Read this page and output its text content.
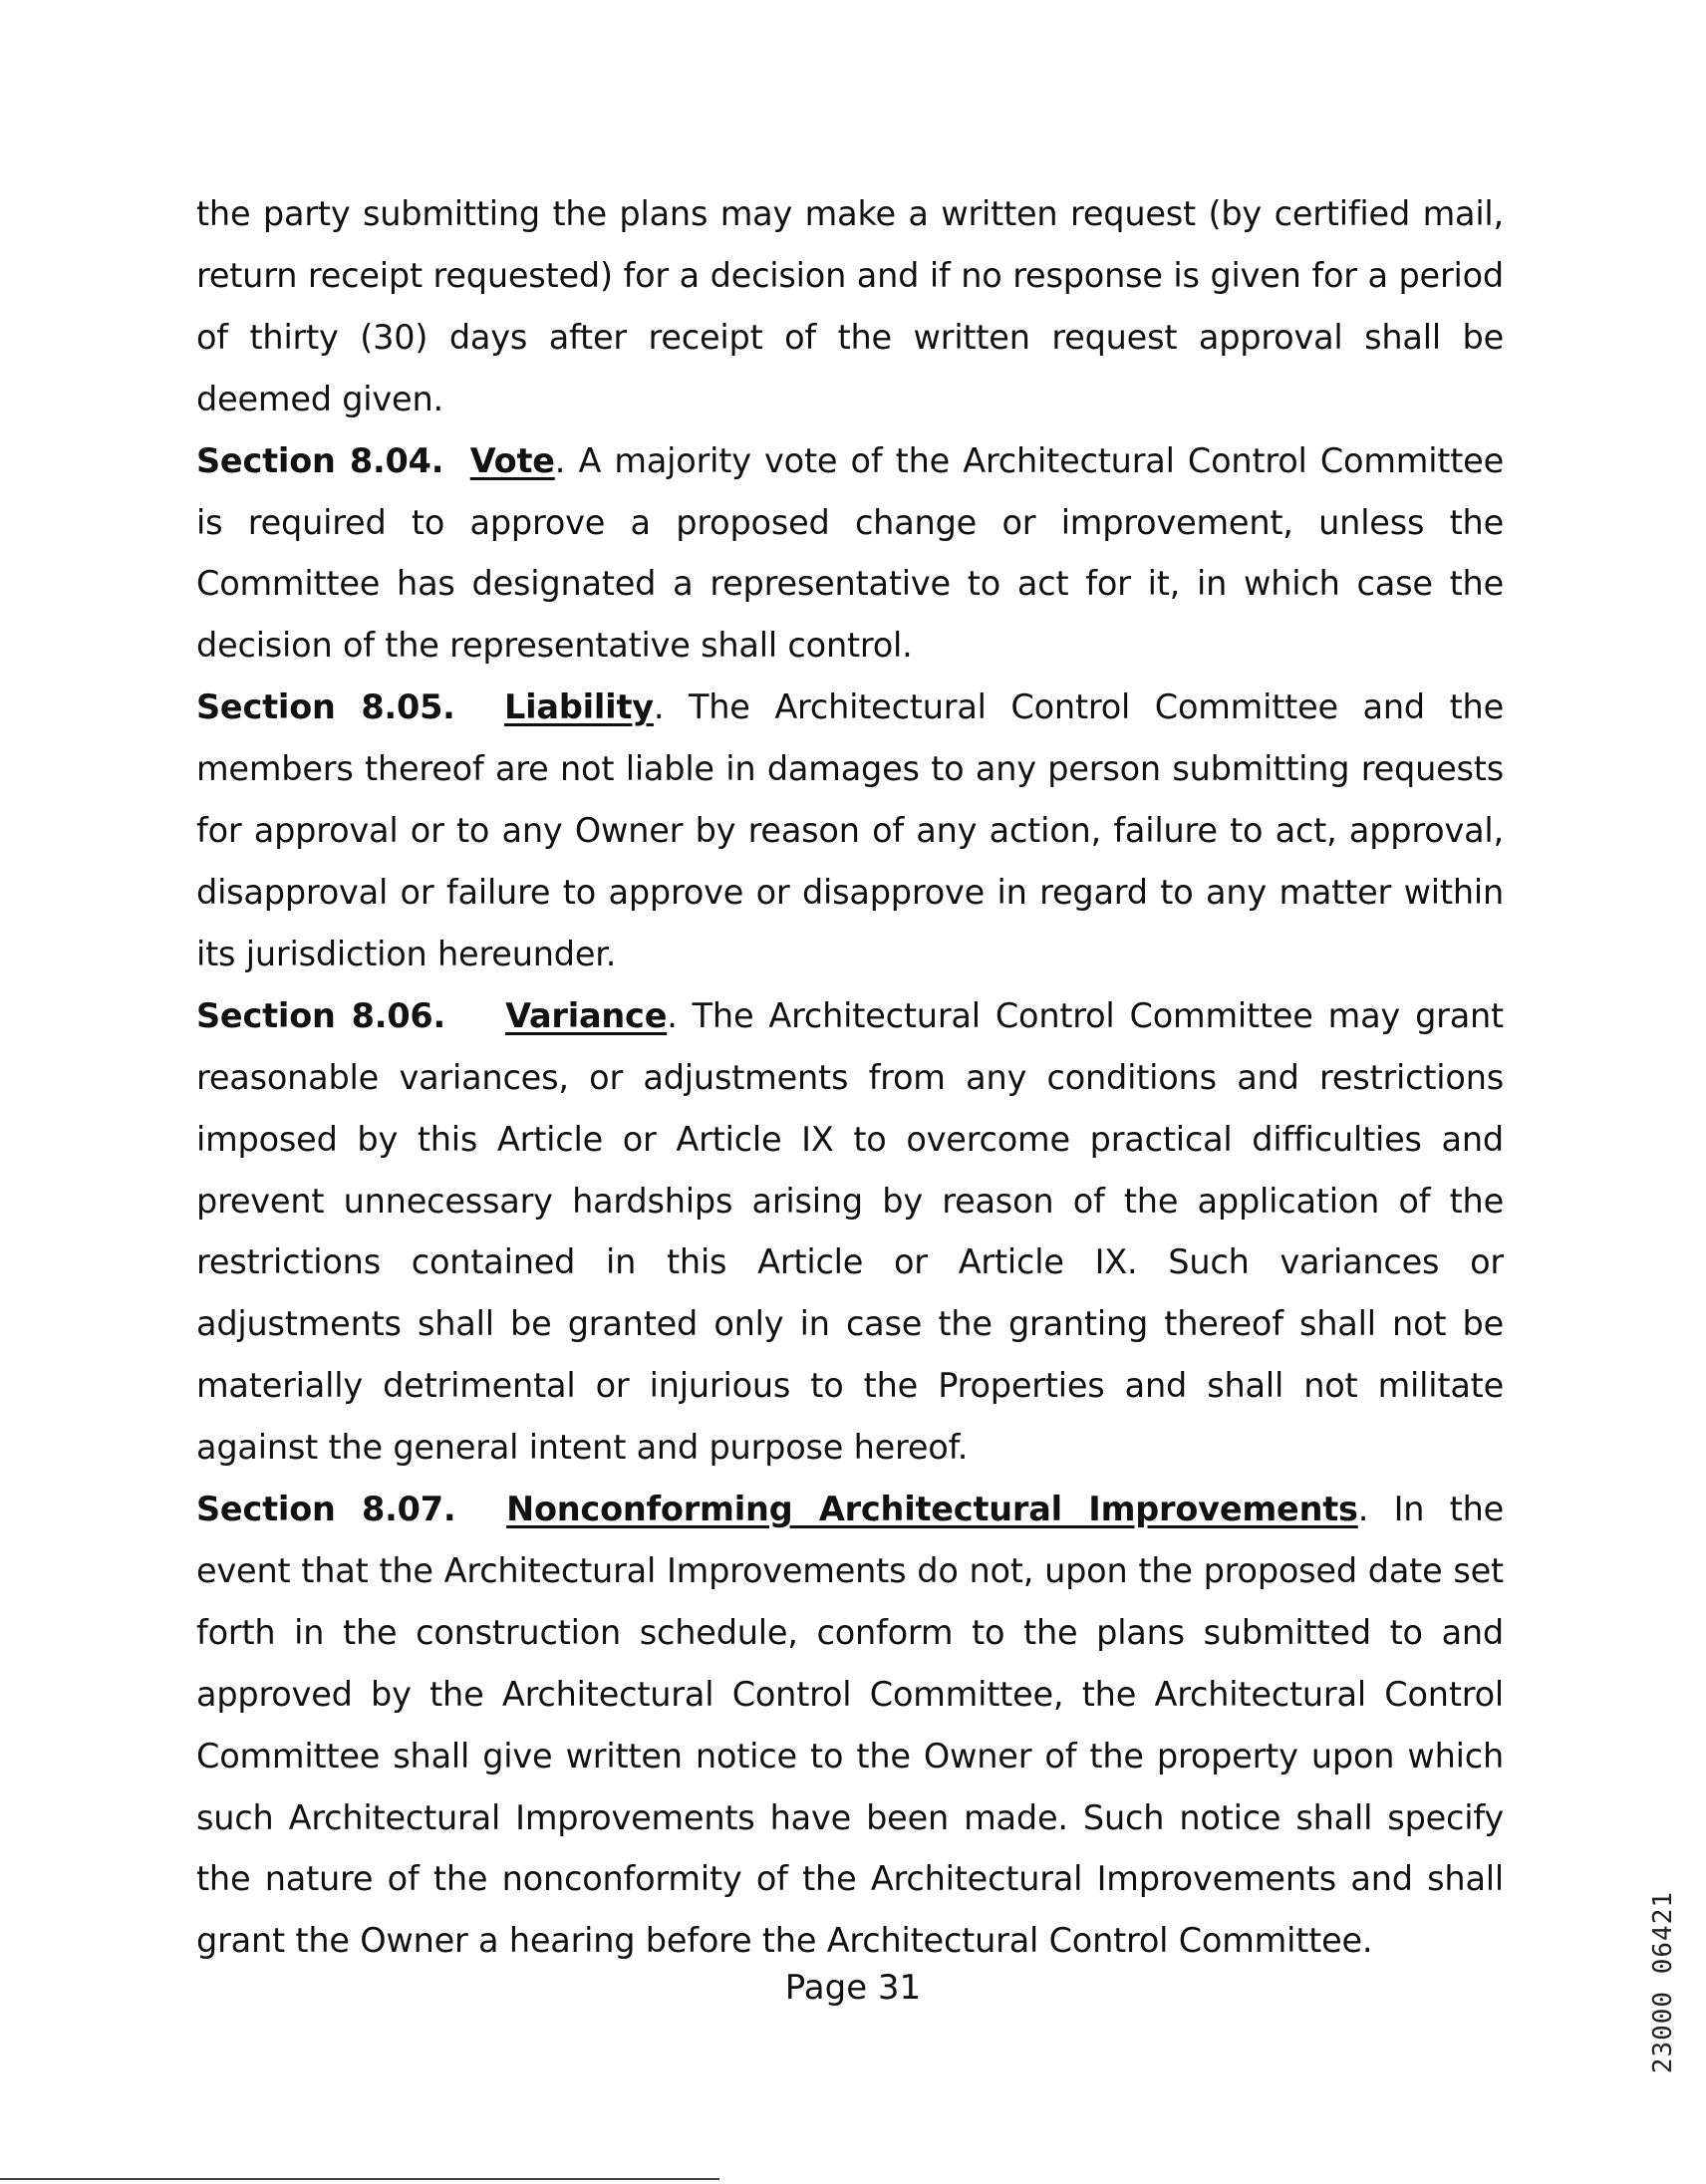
the party submitting the plans may make a written request (by certified mail, return receipt requested) for a decision and if no response is given for a period of thirty (30) days after receipt of the written request approval shall be deemed given.

Section 8.04. Vote. A majority vote of the Architectural Control Committee is required to approve a proposed change or improvement, unless the Committee has designated a representative to act for it, in which case the decision of the representative shall control.

Section 8.05. Liability. The Architectural Control Committee and the members thereof are not liable in damages to any person submitting requests for approval or to any Owner by reason of any action, failure to act, approval, disapproval or failure to approve or disapprove in regard to any matter within its jurisdiction hereunder.

Section 8.06. Variance. The Architectural Control Committee may grant reasonable variances, or adjustments from any conditions and restrictions imposed by this Article or Article IX to overcome practical difficulties and prevent unnecessary hardships arising by reason of the application of the restrictions contained in this Article or Article IX. Such variances or adjustments shall be granted only in case the granting thereof shall not be materially detrimental or injurious to the Properties and shall not militate against the general intent and purpose hereof.

Section 8.07. Nonconforming Architectural Improvements. In the event that the Architectural Improvements do not, upon the proposed date set forth in the construction schedule, conform to the plans submitted to and approved by the Architectural Control Committee, the Architectural Control Committee shall give written notice to the Owner of the property upon which such Architectural Improvements have been made. Such notice shall specify the nature of the nonconformity of the Architectural Improvements and shall grant the Owner a hearing before the Architectural Control Committee.

Page 31	23000 06421
